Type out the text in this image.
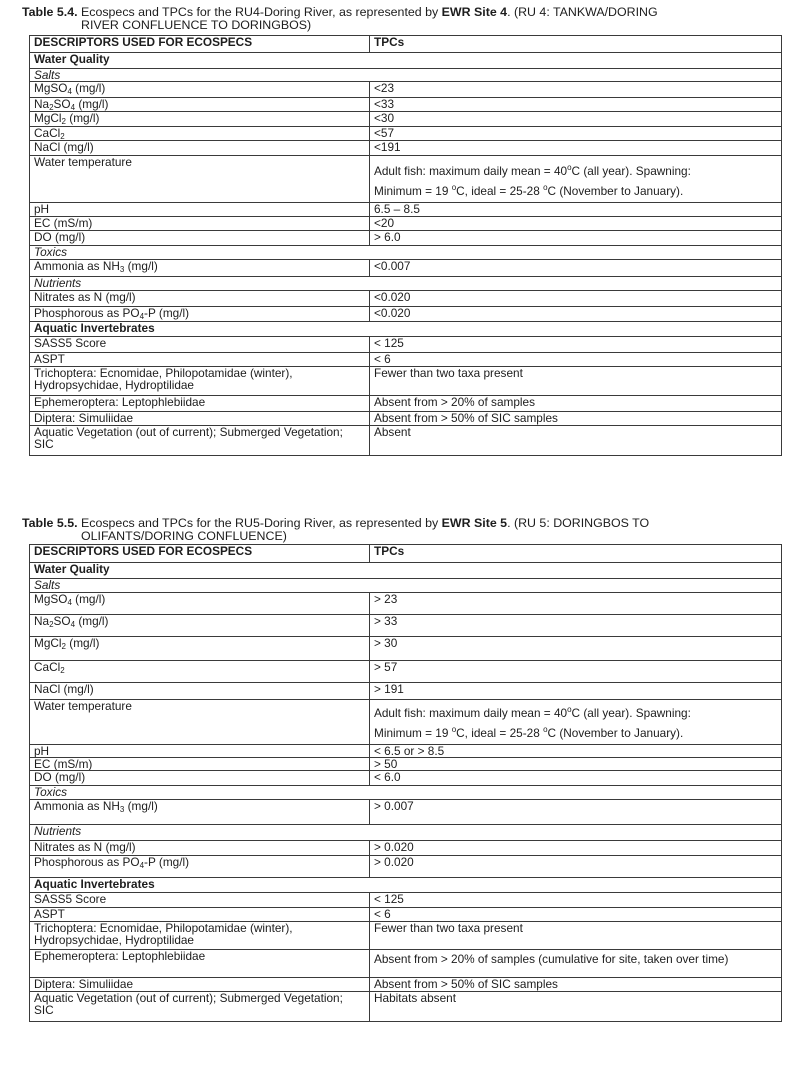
Table 5.4. Ecospecs and TPCs for the RU4-Doring River, as represented by EWR Site 4. (RU 4: TANKWA/DORING
RIVER CONFLUENCE TO DORINGBOS)
DESCRIPTORS USED FOR ECOSPECS	TPCs
Water Quality	
Salts	
MgSO$_4$ (mg/l)	<23
$Na_2SO_4$ (mg/l)	<33
MgCl$_2$ (mg/l)	<30
CaCl$_2$	<57
NaCl (mg/l)	<191
Water temperature	Adult fish: maximum daily mean = $40^oC$ (all year). Spawning:
Minimum = 19 $^o$C, ideal = 25-28 $^o$C (November to January).

pH	6.5 – 8.5
EC (mS/m)	<20
DO (mg/l)	> 6.0
Toxics	
Ammonia as $NH_3$ (mg/l)	<0.007
Nutrients	
Nitrates as N (mg/l)	<0.020
Phosphorous as $PO_4-P$ (mg/l)	<0.020
Aquatic Invertebrates	
SASS5 Score	< 125
ASPT	< 6
Trichoptera: Ecnomidae, Philopotamidae (winter), Hydropsychidae, Hydroptilidae	Fewer than two taxa present
Ephemeroptera: Leptophlebiidae	Absent from > 20% of samples
Diptera: Simuliidae	Absent from > 50% of SIC samples
Aquatic Vegetation (out of current); Submerged Vegetation; SIC	Absent
Table 5.5. Ecospecs and TPCs for the RU5-Doring River, as represented by EWR Site 5. (RU 5: DORINGBOS TO
OLIFANTS/DORING CONFLUENCE)
DESCRIPTORS USED FOR ECOSPECS	TPCs
Water Quality	
Salts	
MgSO$_4$ (mg/l)	> 23
$Na_2SO_4$ (mg/l)	> 33
MgCl$_2$ (mg/l)	> 30
CaCl$_2$	> 57
NaCl (mg/l)	> 191
Water temperature	Adult fish: maximum daily mean = $40^oC$ (all year). Spawning:
Minimum = 19 $^o$C, ideal = 25-28 $^o$C (November to January).

pH	< 6.5 or > 8.5
EC (mS/m)	> 50
DO (mg/l)	< 6.0
Toxics	
Ammonia as $NH_3$ (mg/l)	> 0.007
Nutrients	
Nitrates as N (mg/l)	> 0.020
Phosphorous as $PO_4-P$ (mg/l)	> 0.020
Aquatic Invertebrates	
SASS5 Score	< 125
ASPT	< 6
Trichoptera: Ecnomidae, Philopotamidae (winter), Hydropsychidae, Hydroptilidae	Fewer than two taxa present
Ephemeroptera: Leptophlebiidae	Absent from > 20% of samples (cumulative for site, taken over time)
Diptera: Simuliidae	Absent from > 50% of SIC samples
Aquatic Vegetation (out of current); Submerged Vegetation; SIC	Habitats absent
